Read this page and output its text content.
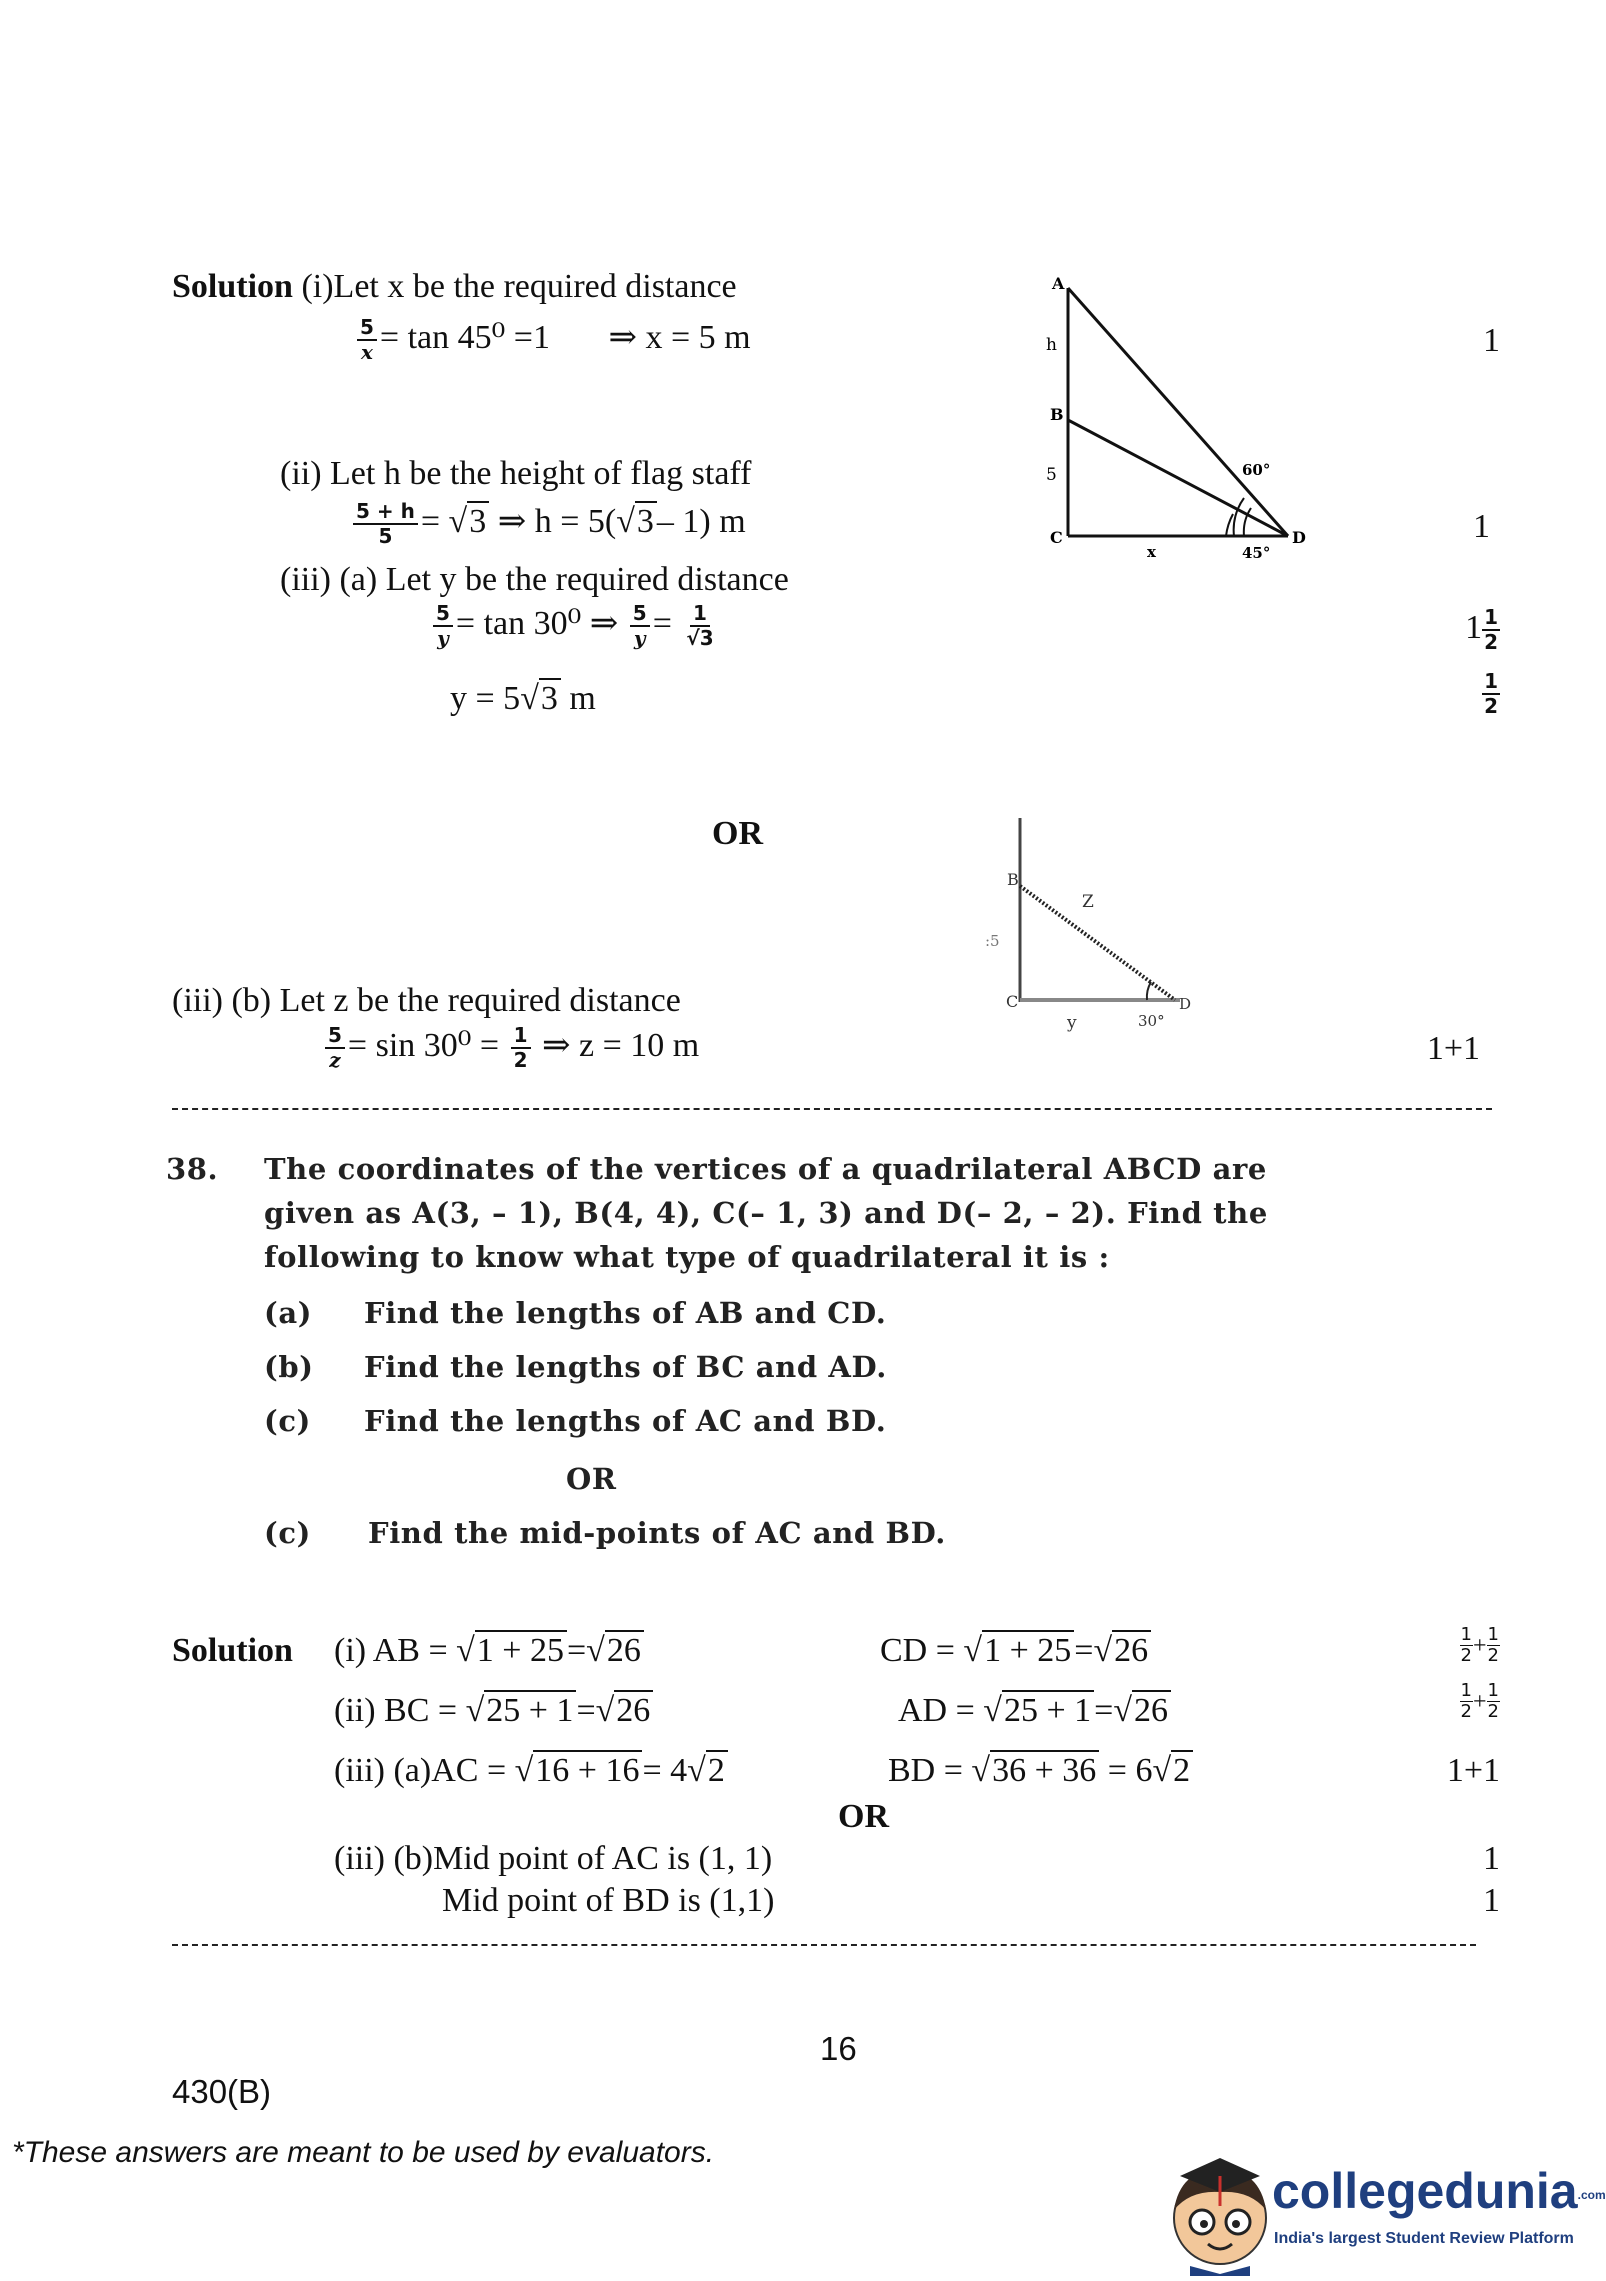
Solution (i)Let x be the required distance
$\frac{5}{x} = \tan 45^0 =1$ ⇒ x = 5 m
(ii) Let h be the height of flag staff
$\frac{5 + h}{5} = √3$ ⇒ h = 5(√3– 1) m
(iii) (a) Let y be the required distance
$\frac{5}{y} = \tan 30^0$ ⇒ $\frac{5}{y} = \frac{1}{√3}$
y = 5√3 m
OR
(iii) (b) Let z be the required distance
$\frac{5}{z} = \sin 30^0 = \frac{1}{2}$ ⇒ z = 10 m
1
1
$1 \frac{1}{2}$
$\frac{1}{2}$
1+1
A
h
B
5
C
x
D
60°
45°
B
Z
:5
C
y	30°
D
38. The coordinates of the vertices of a quadrilateral ABCD are
given as A(3, – 1), B(4, 4), C(– 1, 3) and D(– 2, – 2). Find the
following to know what type of quadrilateral it is :
(a) Find the lengths of AB and CD.
(b) Find the lengths of BC and AD.
(c) Find the lengths of AC and BD.
OR
(c) Find the mid-points of AC and BD.
Solution (i) AB = √1 + 25=√26	CD = √1 + 25=√26
(ii) BC = √25 + 1=√26	AD = √25 + 1=√26
(iii) (a)AC = √16 + 16= 4√2	BD = √36 + 36 = 6√2
OR
(iii) (b)Mid point of AC is (1, 1)
Mid point of BD is (1,1)
$\frac{1}{2} + \frac{1}{2}$
$\frac{1}{2} + \frac{1}{2}$
1+1
1
1
16
430(B)
*These answers are meant to be used by evaluators.
collegedunia.com
India's largest Student Review Platform
